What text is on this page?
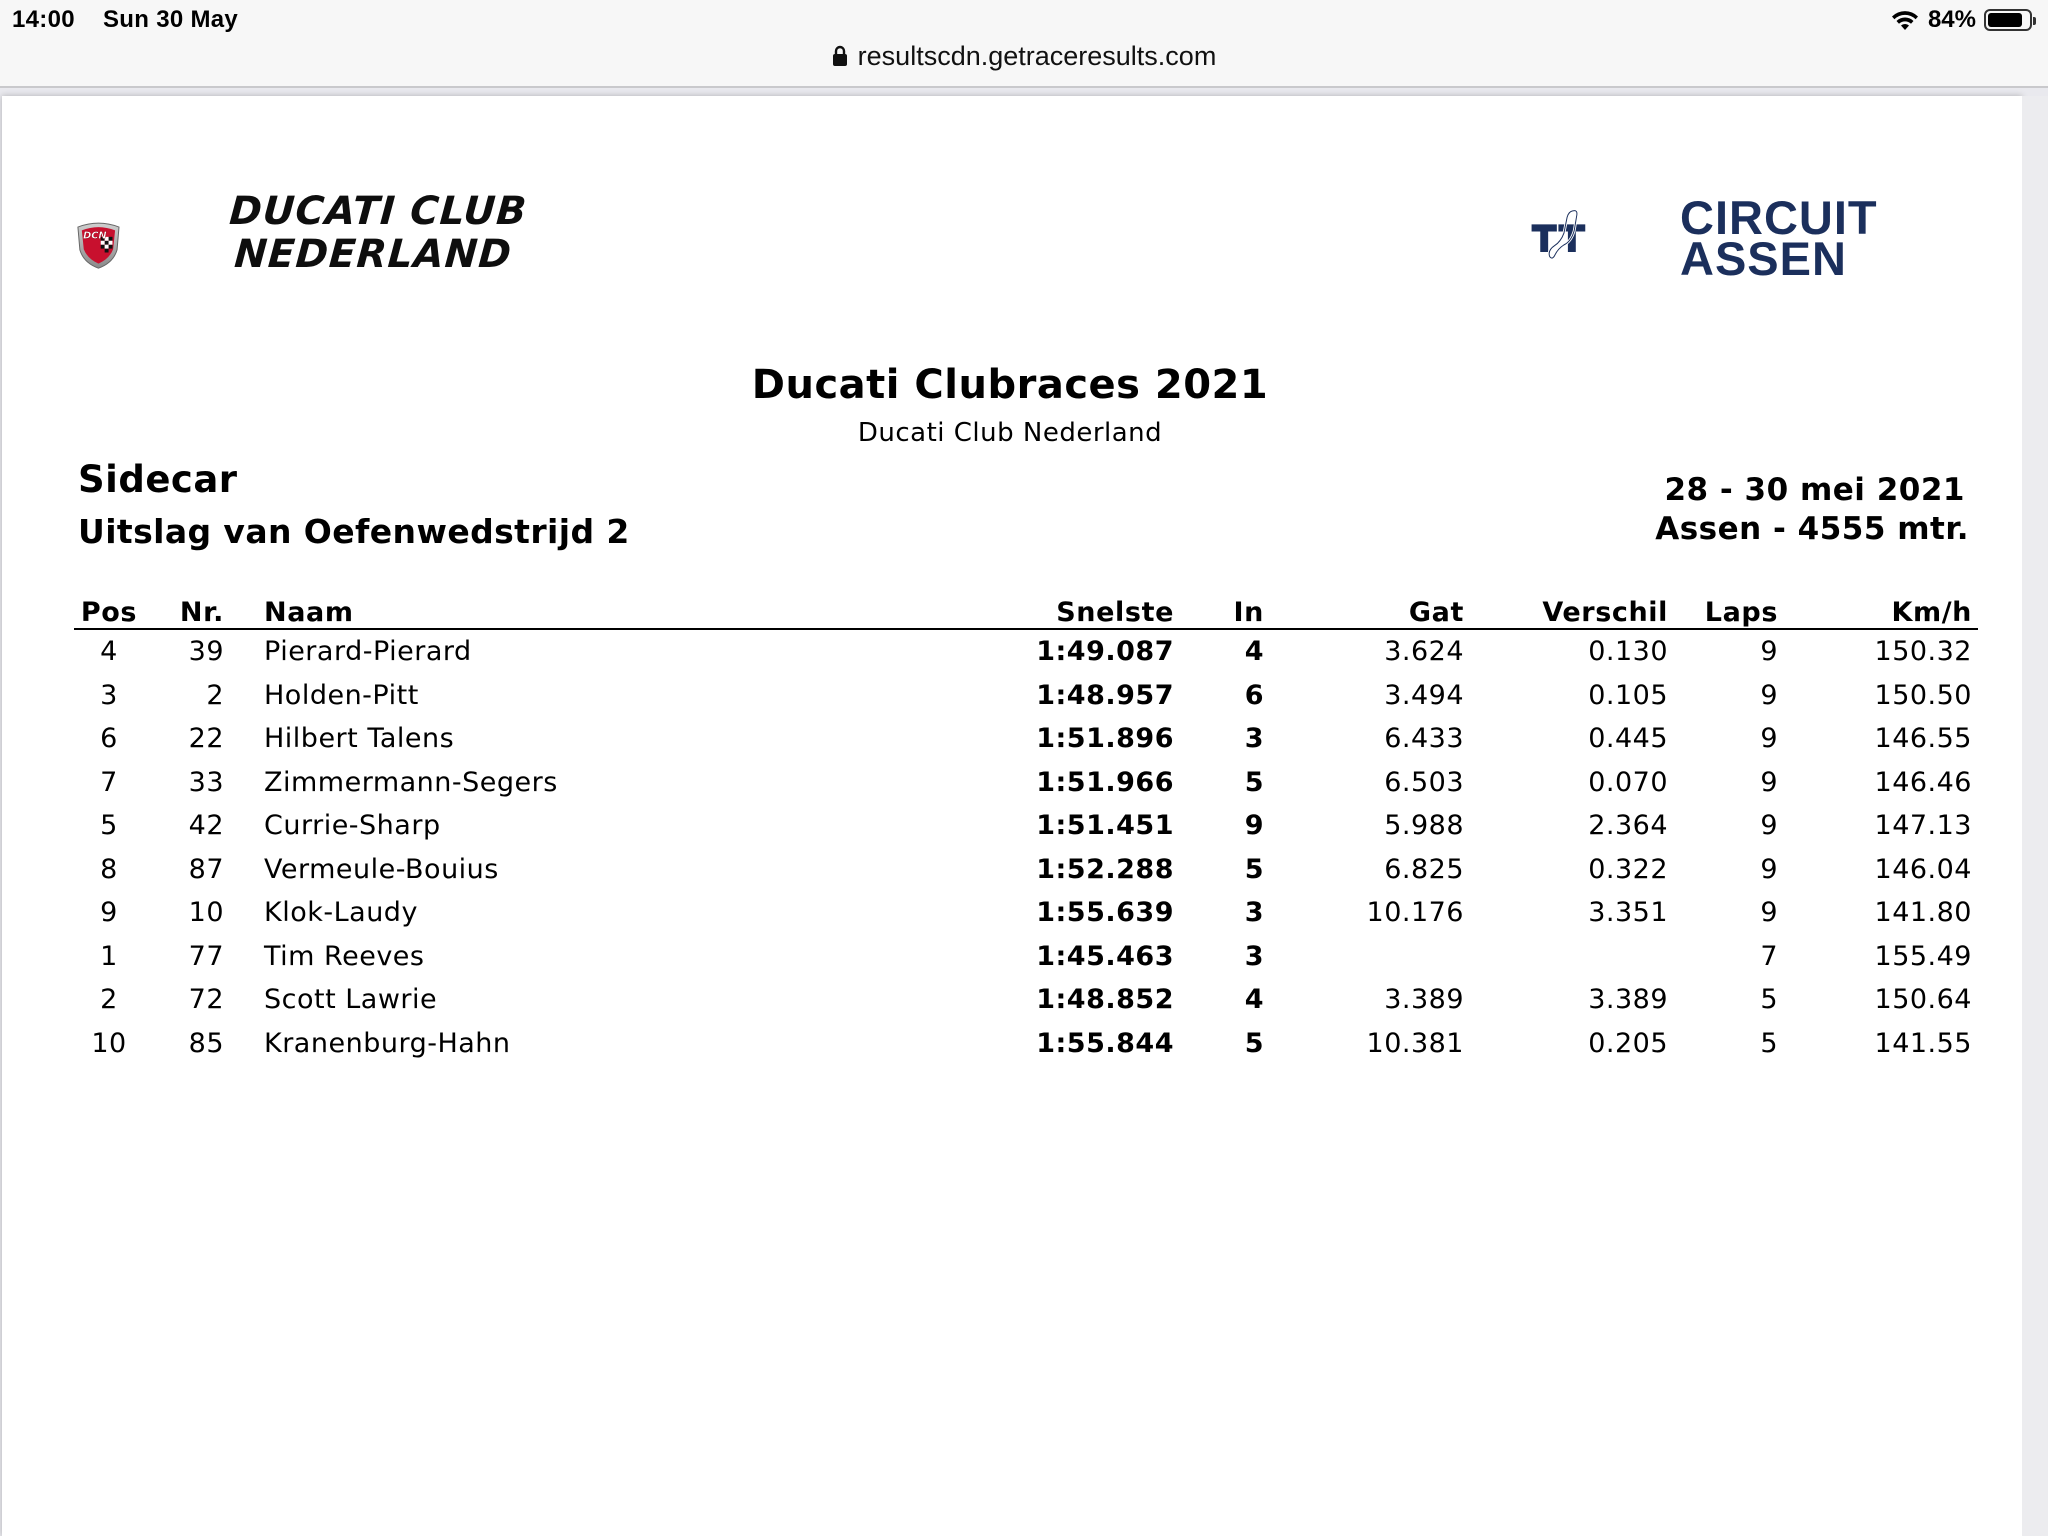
14:00 Sun 30 May	84%
resultscdn.getraceresults.com
DCN
DUCATI CLUB
NEDERLAND
CIRCUIT
ASSEN
Ducati Clubraces 2021
Ducati Club Nederland
Sidecar
Uitslag van Oefenwedstrijd 2
28 - 30 mei 2021
Assen - 4555 mtr.
Pos	Nr.	Naam	Snelste	In	Gat	Verschil	Laps	Km/h
4	39	Pierard-Pierard	1:49.087	4	3.624	0.130	9	150.32
3	2	Holden-Pitt	1:48.957	6	3.494	0.105	9	150.50
6	22	Hilbert Talens	1:51.896	3	6.433	0.445	9	146.55
7	33	Zimmermann-Segers	1:51.966	5	6.503	0.070	9	146.46
5	42	Currie-Sharp	1:51.451	9	5.988	2.364	9	147.13
8	87	Vermeule-Bouius	1:52.288	5	6.825	0.322	9	146.04
9	10	Klok-Laudy	1:55.639	3	10.176	3.351	9	141.80
1	77	Tim Reeves	1:45.463	3			7	155.49
2	72	Scott Lawrie	1:48.852	4	3.389	3.389	5	150.64
10	85	Kranenburg-Hahn	1:55.844	5	10.381	0.205	5	141.55
